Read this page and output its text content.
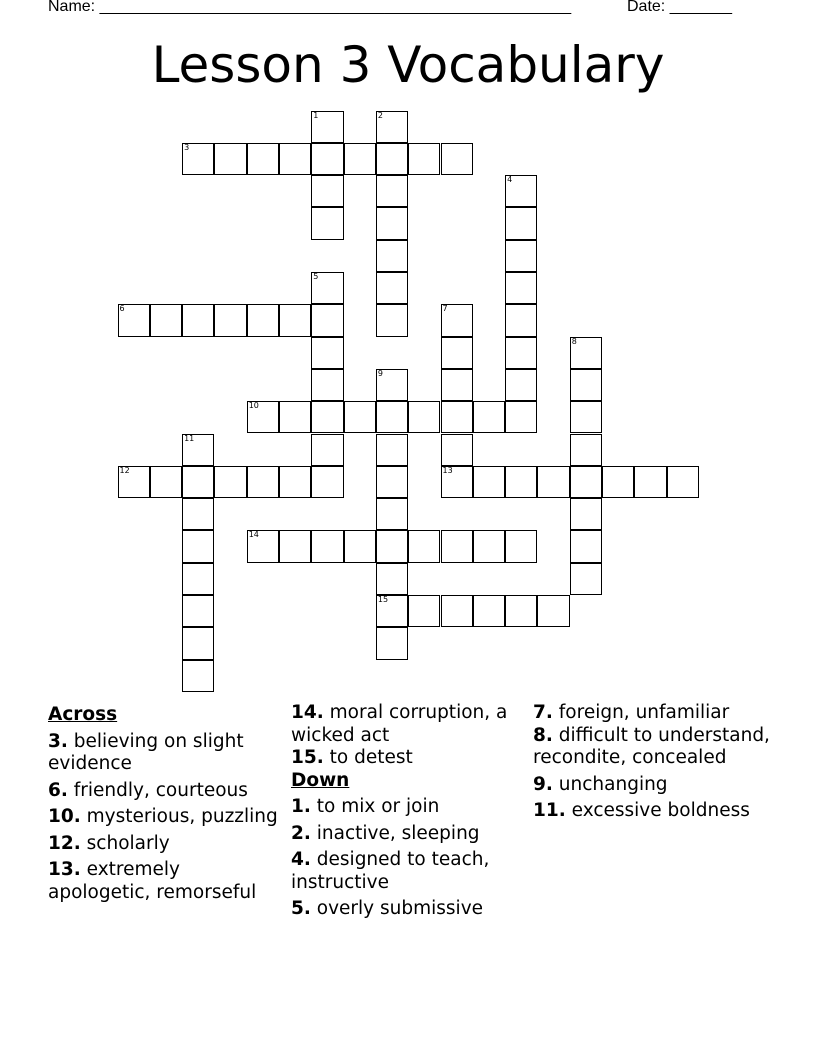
Name: _____________________________________________________	Date: _______
Lesson 3 Vocabulary
1	2
3
4
5
6	7
13
8
9
15
10
11
12
14
Across
3. believing on slight evidence
6. friendly, courteous
10. mysterious, puzzling
12. scholarly
13. extremely apologetic, remorseful
14. moral corruption, a wicked act
15. to detest
Down
1. to mix or join
2. inactive, sleeping
4. designed to teach, instructive
5. overly submissive
7. foreign, unfamiliar
8. difficult to understand, recondite, concealed
9. unchanging
11. excessive boldness
